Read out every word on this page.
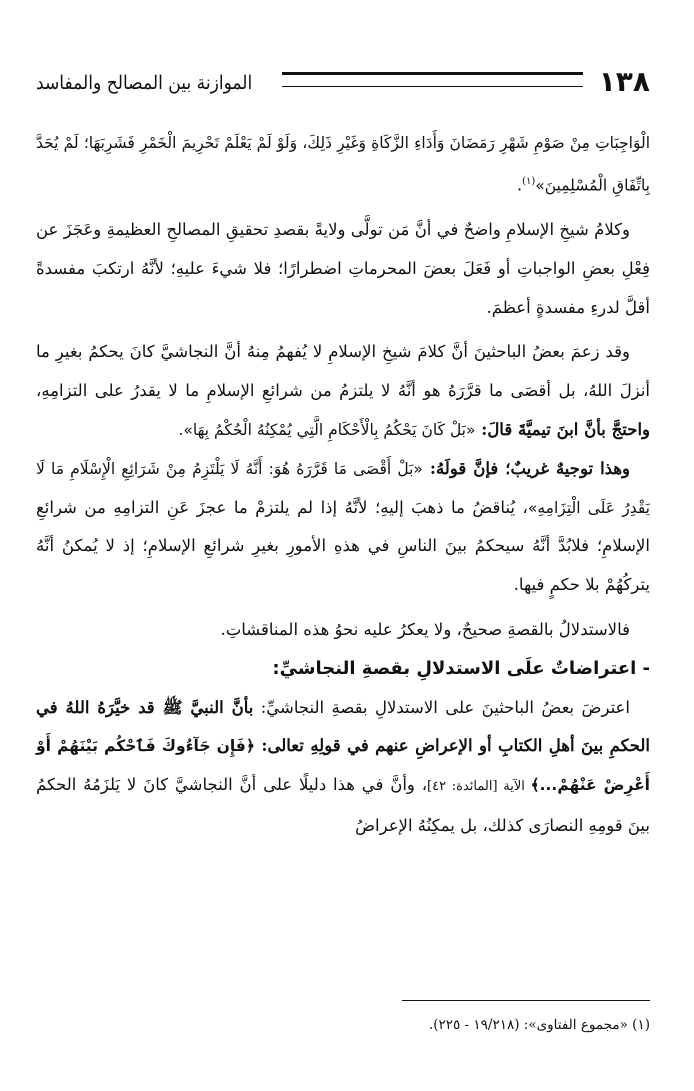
١٣٨
الموازنة بين المصالح والمفاسد

الْوَاجِبَاتِ مِنْ صَوْمِ شَهْرِ رَمَضَانَ وَأَدَاءِ الزَّكَاةِ وَغَيْرِ ذَلِكَ، وَلَوْ لَمْ يَعْلَمْ تَحْرِيمَ الْخَمْرِ فَشَرِبَهَا؛ لَمْ يُحَدَّ بِاتِّفَاقِ الْمُسْلِمِينَ»$^{(١)}$.

وكلامُ شيخِ الإسلامِ واضحٌ في أنَّ مَن تولَّى ولايةً بقصدِ تحقيقِ المصالحِ العظيمةِ وعَجَزَ عن فِعْلِ بعضِ الواجباتِ أو فَعَلَ بعضَ المحرماتِ اضطرارًا؛ فلا شيءَ عليهِ؛ لأنَّهُ ارتكبَ مفسدةً أقلَّ لدرءِ مفسدةٍ أعظمَ.

وقد زعمَ بعضُ الباحثينَ أنَّ كلامَ شيخِ الإسلامِ لا يُفهمُ مِنهُ أنَّ النجاشيَّ كانَ يحكمُ بغيرِ ما أنزلَ اللهُ، بل أقصَى ما قرَّرَهُ هو أنَّهُ لا يلتزمُ من شرائعِ الإسلامِ ما لا يقدرُ على التزامِهِ، واحتجَّ بأنَّ ابنَ تيميَّةَ قالَ: «بَلْ كَانَ يَحْكُمُ بِالْأَحْكَامِ الَّتِي يُمْكِنُهُ الْحُكْمُ بِهَا».

وهذا توجيهٌ غريبٌ؛ فإنَّ قولَهُ: «بَلْ أَقْصَى مَا قَرَّرَهُ هُوَ: أَنَّهُ لَا يَلْتَزِمُ مِنْ شَرَائِعِ الْإِسْلَامِ مَا لَا يَقْدِرُ عَلَى الْتِزَامِهِ»، يُناقضُ ما ذهبَ إليهِ؛ لأنَّهُ إذا لم يلتزمْ ما عجزَ عَنِ التزامِهِ من شرائعِ الإسلامِ؛ فلابُدَّ أنَّهُ سيحكمُ بينَ الناسِ في هذهِ الأمورِ بغيرِ شرائعِ الإسلامِ؛ إذ لا يُمكنُ أنَّهُ يتركُهُمْ بلا حكمٍ فيها.

فالاستدلالُ بالقصةِ صحيحٌ، ولا يعكرُ عليه نحوُ هذه المناقشاتِ.

- اعتراضاتٌ علَى الاستدلالِ بقصةِ النجاشيِّ:

اعترضَ بعضُ الباحثينَ على الاستدلالِ بقصةِ النجاشيِّ: بأنَّ النبيَّ ﷺ قد خيَّرَهُ اللهُ في الحكمِ بينَ أهلِ الكتابِ أو الإعراضِ عنهم في قولِهِ تعالى: ﴿فَإِن جَآءُوكَ فَٱحْكُم بَيْنَهُمْ أَوْ أَعْرِضْ عَنْهُمْ...﴾ الآية [المائدة: ٤٢]، وأنَّ في هذا دليلًا على أنَّ النجاشيَّ كانَ لا يَلزَمُهُ الحكمُ بينَ قومِهِ النصارَى كذلك، بل يمكِنُهُ الإعراضُ

(١) «مجموع الفتاوى»: (١٩/٢١٨ - ٢٢٥).
